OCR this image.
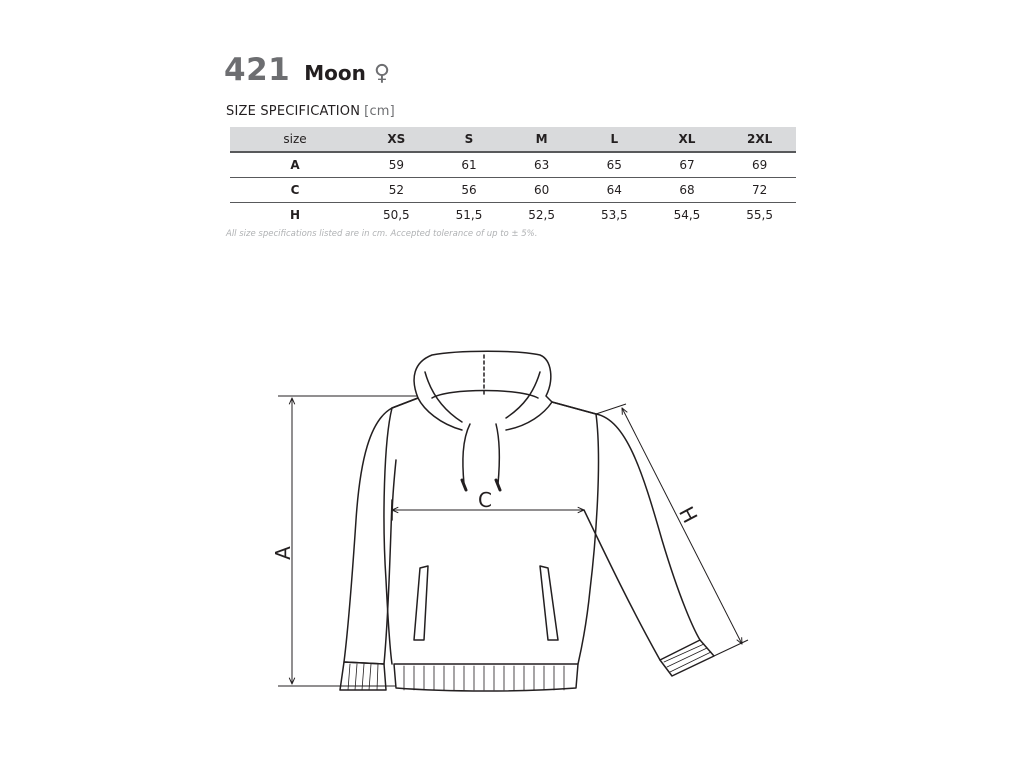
421 Moon ♀
SIZE SPECIFICATION [cm]
size	XS	S	M	L	XL	2XL
A	59	61	63	65	67	69
C	52	56	60	64	68	72
H	50,5	51,5	52,5	53,5	54,5	55,5
All size specifications listed are in cm. Accepted tolerance of up to ± 5%.
A
C
H
